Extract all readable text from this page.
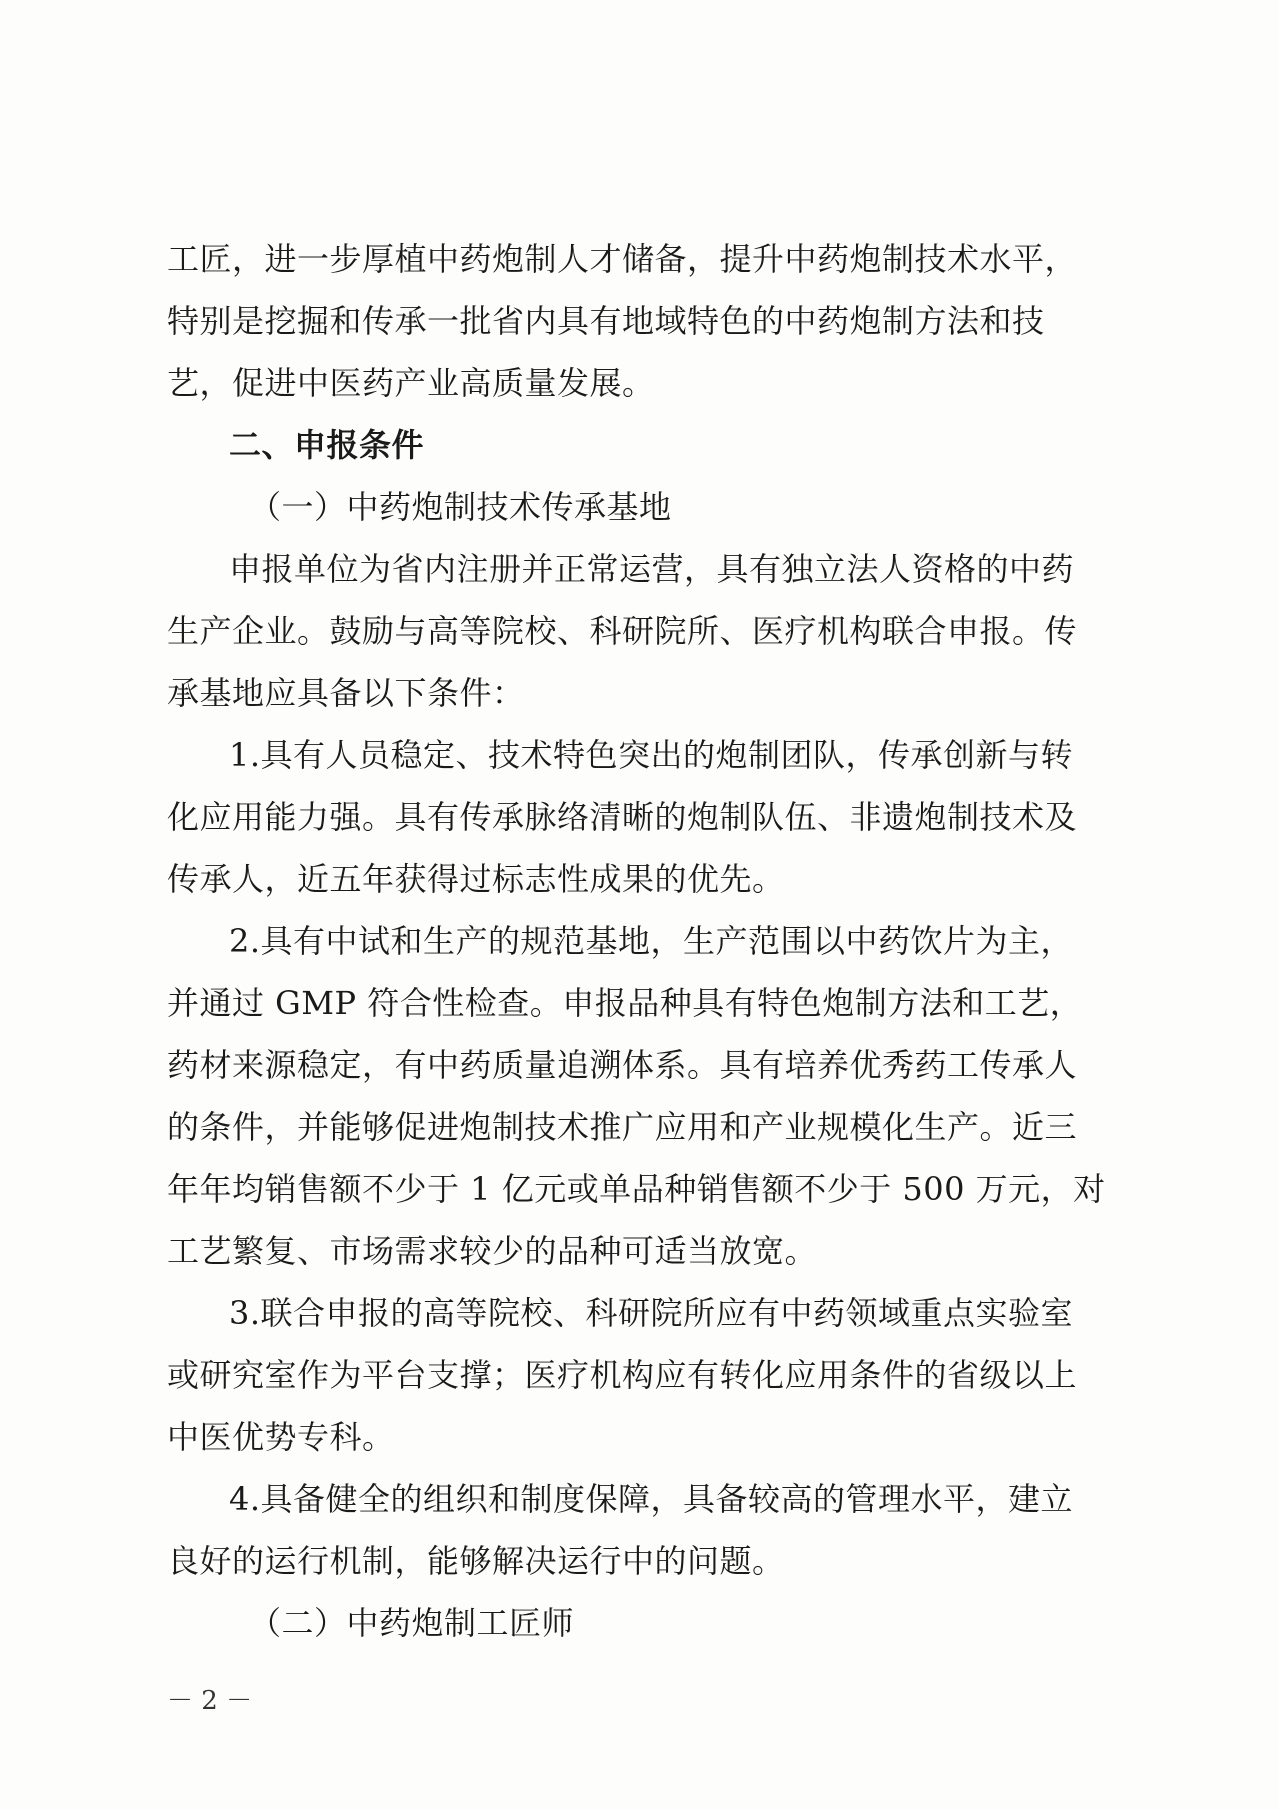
工匠，进一步厚植中药炮制人才储备，提升中药炮制技术水平，
特别是挖掘和传承一批省内具有地域特色的中药炮制方法和技
艺，促进中医药产业高质量发展。
二、申报条件
（一）中药炮制技术传承基地
申报单位为省内注册并正常运营，具有独立法人资格的中药
生产企业。鼓励与高等院校、科研院所、医疗机构联合申报。传
承基地应具备以下条件：
1.具有人员稳定、技术特色突出的炮制团队，传承创新与转
化应用能力强。具有传承脉络清晰的炮制队伍、非遗炮制技术及
传承人，近五年获得过标志性成果的优先。
2.具有中试和生产的规范基地，生产范围以中药饮片为主，
并通过 GMP 符合性检查。申报品种具有特色炮制方法和工艺，
药材来源稳定，有中药质量追溯体系。具有培养优秀药工传承人
的条件，并能够促进炮制技术推广应用和产业规模化生产。近三
年年均销售额不少于 1 亿元或单品种销售额不少于 500 万元，对
工艺繁复、市场需求较少的品种可适当放宽。
3.联合申报的高等院校、科研院所应有中药领域重点实验室
或研究室作为平台支撑；医疗机构应有转化应用条件的省级以上
中医优势专科。
4.具备健全的组织和制度保障，具备较高的管理水平，建立
良好的运行机制，能够解决运行中的问题。
（二）中药炮制工匠师
－ 2 －
